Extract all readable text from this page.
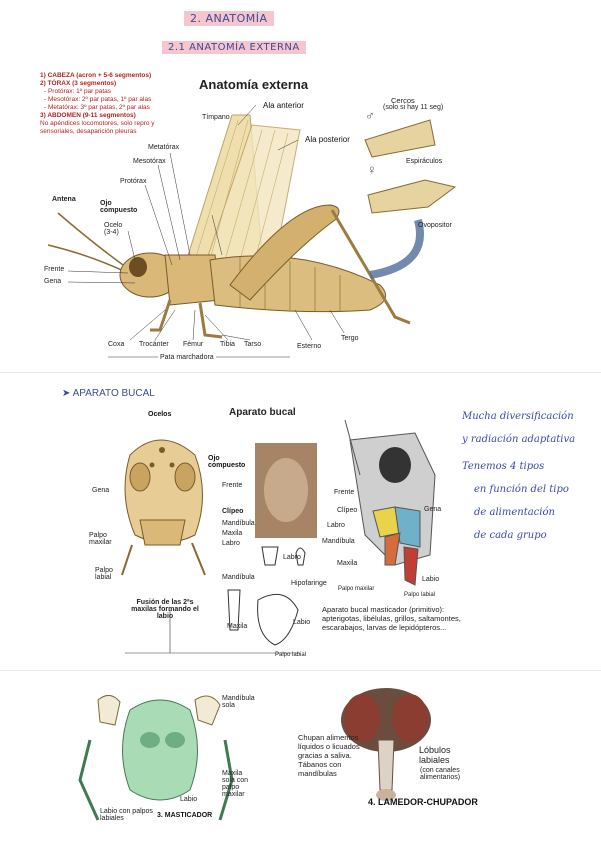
2. ANATOMÍA
2.1 ANATOMÍA EXTERNA
1) CABEZA (acron + 5-6 segmentos)
2) TÓRAX (3 segmentos)
- Protórax: 1º par patas
- Mesotórax: 2º par patas, 1º par alas
- Metatórax: 3º par patas, 2º par alas
3) ABDOMEN (9-11 segmentos)
No apéndices locomotores, solo repro y
sensoriales, desaparición pleuras
Anatomía externa
Tímpano
Ala anterior
Ala posterior
Metatórax
Mesotórax
Protórax
Antena
Ojo compuesto
Ocelo (3-4)
Frente
Gena
Coxa Trocánter Fémur Tibia Tarso	Esterno
Tergo
Pata marchadora
♂
Cercos
(solo si hay 11 seg)
♀
Espiráculos
Ovopositor
➤ APARATO BUCAL
Aparato bucal
Ocelos
Ojo compuesto
Frente
Gena
Clípeo
Mandíbula
Maxila
Labro
Palpo maxilar
Palpo labial
Fusión de las 2ªs maxilas formando el labio
Mandíbula
Labro
Hipofaringe
Maxila
Labio
Palpo labial
Frente
Clípeo
Labro
Mandíbula
Maxila
Gena
Labio
Palpo maxilar
Palpo labial
Aparato bucal masticador (primitivo): apterigotas, libélulas, grillos, saltamontes, escarabajos, larvas de lepidópteros...
Mucha diversificación
y radiación adaptativa
Tenemos 4 tipos
en función del tipo
de alimentación
de cada grupo
Mandíbula sola
Maxila sola con palpo maxilar
Labio
Labio con palpos labiales	3. MASTICADOR
Chupan alimentos líquidos o licuados gracias a saliva. Tábanos con mandíbulas
Lóbulos labiales
(con canales alimentarios)
4. LAMEDOR-CHUPADOR
